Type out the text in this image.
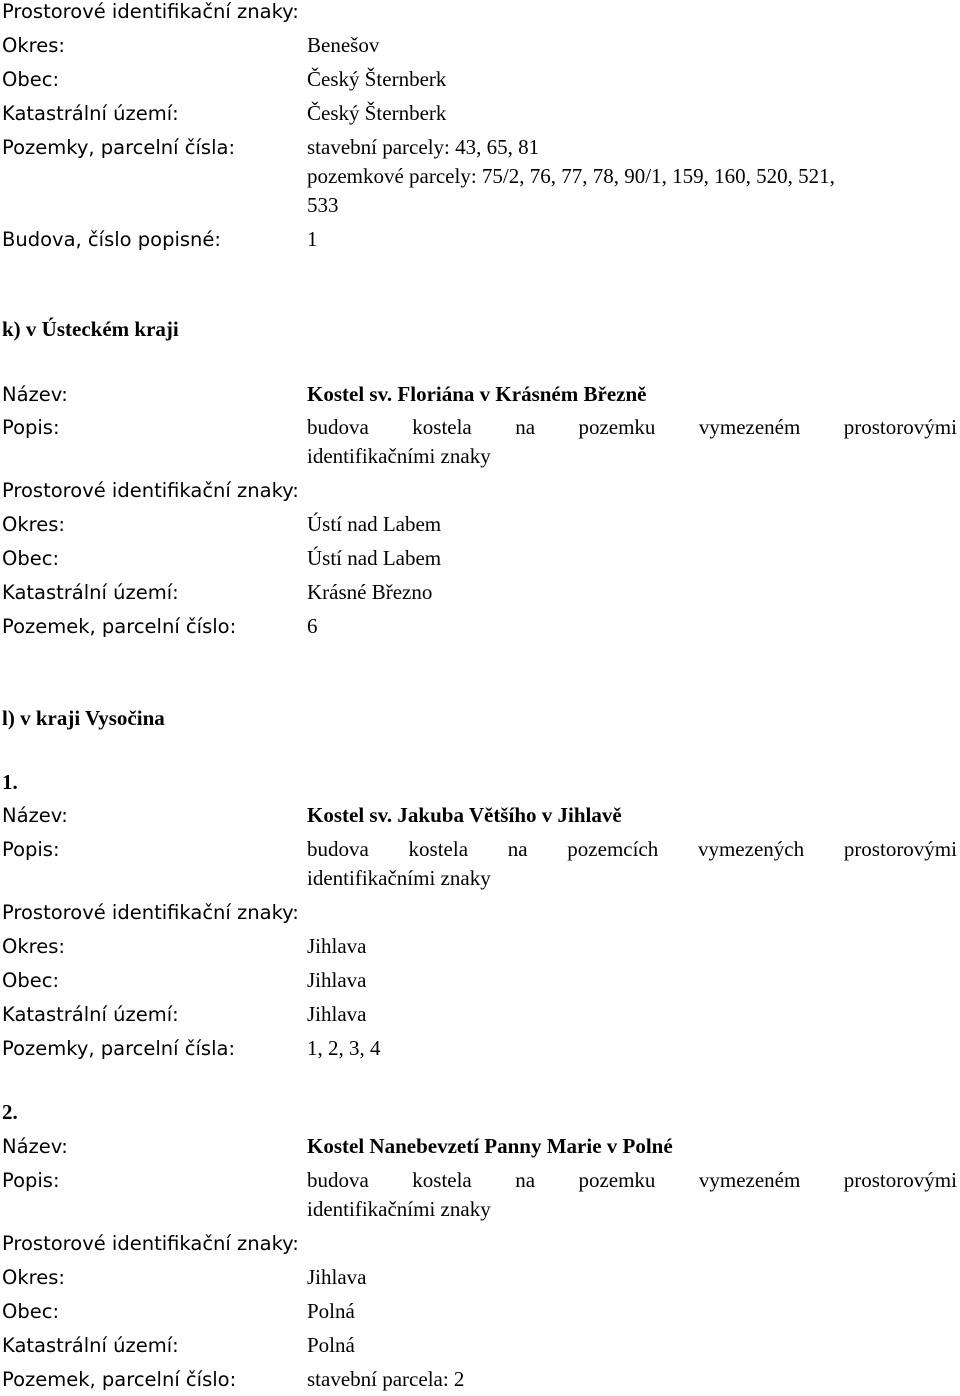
Prostorové identifikační znaky:
Okres:	Benešov
Obec:	Český Šternberk
Katastrální území:	Český Šternberk
Pozemky, parcelní čísla:	stavební parcely: 43, 65, 81
pozemkové parcely: 75/2, 76, 77, 78, 90/1, 159, 160, 520, 521,
533
Budova, číslo popisné:	1
k) v Ústeckém kraji
Název:	Kostel sv. Floriána v Krásném Březně
Popis:	budova kostela na pozemku vymezeném prostorovými
identifikačními znaky
Prostorové identifikační znaky:
Okres:	Ústí nad Labem
Obec:	Ústí nad Labem
Katastrální území:	Krásné Březno
Pozemek, parcelní číslo:	6
l) v kraji Vysočina
1.
Název:	Kostel sv. Jakuba Většího v Jihlavě
Popis:	budova kostela na pozemcích vymezených prostorovými
identifikačními znaky
Prostorové identifikační znaky:
Okres:	Jihlava
Obec:	Jihlava
Katastrální území:	Jihlava
Pozemky, parcelní čísla:	1, 2, 3, 4
2.
Název:	Kostel Nanebevzetí Panny Marie v Polné
Popis:	budova kostela na pozemku vymezeném prostorovými
identifikačními znaky
Prostorové identifikační znaky:
Okres:	Jihlava
Obec:	Polná
Katastrální území:	Polná
Pozemek, parcelní číslo:	stavební parcela: 2
